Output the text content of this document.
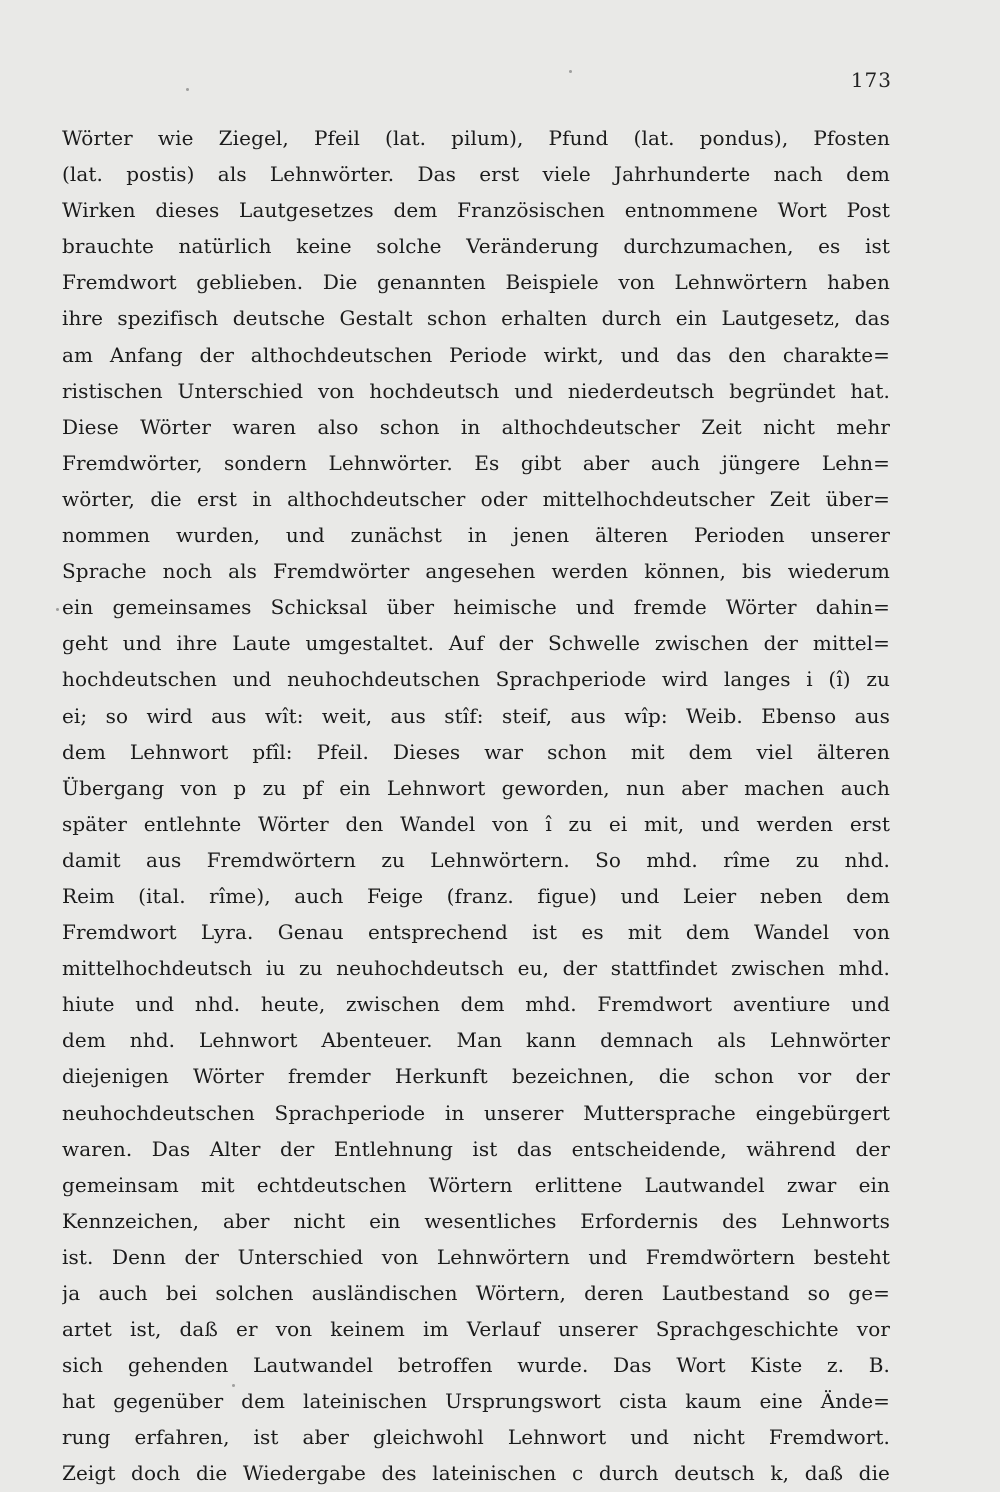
173
Wörter wie Ziegel, Pfeil (lat. pilum), Pfund (lat. pondus), Pfosten
(lat. postis) als Lehnwörter. Das erst viele Jahrhunderte nach dem
Wirken dieses Lautgesetzes dem Französischen entnommene Wort Post
brauchte natürlich keine solche Veränderung durchzumachen, es ist
Fremdwort geblieben. Die genannten Beispiele von Lehnwörtern haben
ihre spezifisch deutsche Gestalt schon erhalten durch ein Lautgesetz, das
am Anfang der althochdeutschen Periode wirkt, und das den charakte=
ristischen Unterschied von hochdeutsch und niederdeutsch begründet hat.
Diese Wörter waren also schon in althochdeutscher Zeit nicht mehr
Fremdwörter, sondern Lehnwörter. Es gibt aber auch jüngere Lehn=
wörter, die erst in althochdeutscher oder mittelhochdeutscher Zeit über=
nommen wurden, und zunächst in jenen älteren Perioden unserer
Sprache noch als Fremdwörter angesehen werden können, bis wiederum
ein gemeinsames Schicksal über heimische und fremde Wörter dahin=
geht und ihre Laute umgestaltet. Auf der Schwelle zwischen der mittel=
hochdeutschen und neuhochdeutschen Sprachperiode wird langes i (î) zu
ei; so wird aus wît: weit, aus stîf: steif, aus wîp: Weib. Ebenso aus
dem Lehnwort pfîl: Pfeil. Dieses war schon mit dem viel älteren
Übergang von p zu pf ein Lehnwort geworden, nun aber machen auch
später entlehnte Wörter den Wandel von î zu ei mit, und werden erst
damit aus Fremdwörtern zu Lehnwörtern. So mhd. rîme zu nhd.
Reim (ital. rîme), auch Feige (franz. figue) und Leier neben dem
Fremdwort Lyra. Genau entsprechend ist es mit dem Wandel von
mittelhochdeutsch iu zu neuhochdeutsch eu, der stattfindet zwischen mhd.
hiute und nhd. heute, zwischen dem mhd. Fremdwort aventiure und
dem nhd. Lehnwort Abenteuer. Man kann demnach als Lehnwörter
diejenigen Wörter fremder Herkunft bezeichnen, die schon vor der
neuhochdeutschen Sprachperiode in unserer Muttersprache eingebürgert
waren. Das Alter der Entlehnung ist das entscheidende, während der
gemeinsam mit echtdeutschen Wörtern erlittene Lautwandel zwar ein
Kennzeichen, aber nicht ein wesentliches Erfordernis des Lehnworts
ist. Denn der Unterschied von Lehnwörtern und Fremdwörtern besteht
ja auch bei solchen ausländischen Wörtern, deren Lautbestand so ge=
artet ist, daß er von keinem im Verlauf unserer Sprachgeschichte vor
sich gehenden Lautwandel betroffen wurde. Das Wort Kiste z. B.
hat gegenüber dem lateinischen Ursprungswort cista kaum eine Ände=
rung erfahren, ist aber gleichwohl Lehnwort und nicht Fremdwort.
Zeigt doch die Wiedergabe des lateinischen c durch deutsch k, daß die
